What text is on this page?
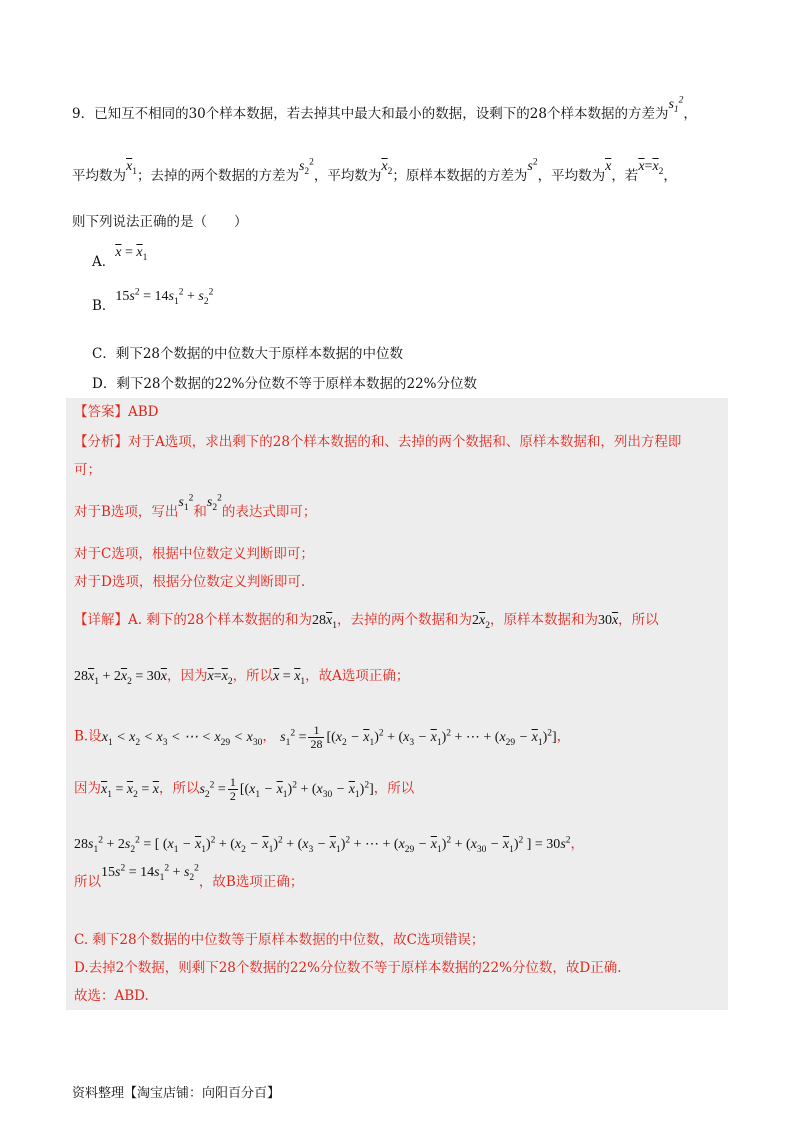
9．已知互不相同的30个样本数据，若去掉其中最大和最小的数据，设剩下的28个样本数据的方差为$s_1^2$，
平均数为$\overline{x}_1$；去掉的两个数据的方差为$s_2^2$，平均数为$\overline{x}_2$；原样本数据的方差为$s^2$，平均数为$\overline{x}$，若$\overline{x}=\overline{x}_2$，
则下列说法正确的是（　　）
A．$\overline{x} = \overline{x}_1$
B．$15s^2 = 14s_1^2 + s_2^2$
C．剩下28个数据的中位数大于原样本数据的中位数
D．剩下28个数据的22%分位数不等于原样本数据的22%分位数
【答案】ABD
【分析】对于A选项，求出剩下的28个样本数据的和、去掉的两个数据和、原样本数据和，列出方程即
可；
对于B选项，写出$s_1^2$和$s_2^2$的表达式即可；
对于C选项，根据中位数定义判断即可；
对于D选项，根据分位数定义判断即可.
【详解】A. 剩下的28个样本数据的和为$28\overline{x}_1$，去掉的两个数据和为$2\overline{x}_2$，原样本数据和为$30\overline{x}$，所以
$28\overline{x}_1 + 2\overline{x}_2 = 30\overline{x}$，因为$\overline{x}=\overline{x}_2$，所以$\overline{x} = \overline{x}_1$，故A选项正确；
B.设$x_1 < x_2 < x_3$ < ⋯ < $x_{29} < x_{30}$， $s_1^2 = \frac{1}{28} [(x_2 - \overline{x}_1)^2 + (x_3 - \overline{x}_1)^2$ + ⋯ + $(x_{29} - \overline{x}_1)^2$]，
因为$\overline{x}_1 = \overline{x}_2 = \overline{x}$，所以$s_2^2 = \frac{1}{2} [(x_1 - \overline{x}_1)^2 + (x_{30} - \overline{x}_1)^2]$，所以
$28s_1^2 + 2s_2^2$ = [ $(x_1 - \overline{x}_1)^2 + (x_2 - \overline{x}_1)^2 + (x_3 - \overline{x}_1)^2$ + ⋯ + $(x_{29} - \overline{x}_1)^2 + (x_{30} - \overline{x}_1)^2$ ] = $30s^2$，
所以$15s^2 = 14s_1^2 + s_2^2$，故B选项正确；
C. 剩下28个数据的中位数等于原样本数据的中位数，故C选项错误；
D.去掉2个数据，则剩下28个数据的22%分位数不等于原样本数据的22%分位数，故D正确.
故选：ABD.
资料整理【淘宝店铺：向阳百分百】
